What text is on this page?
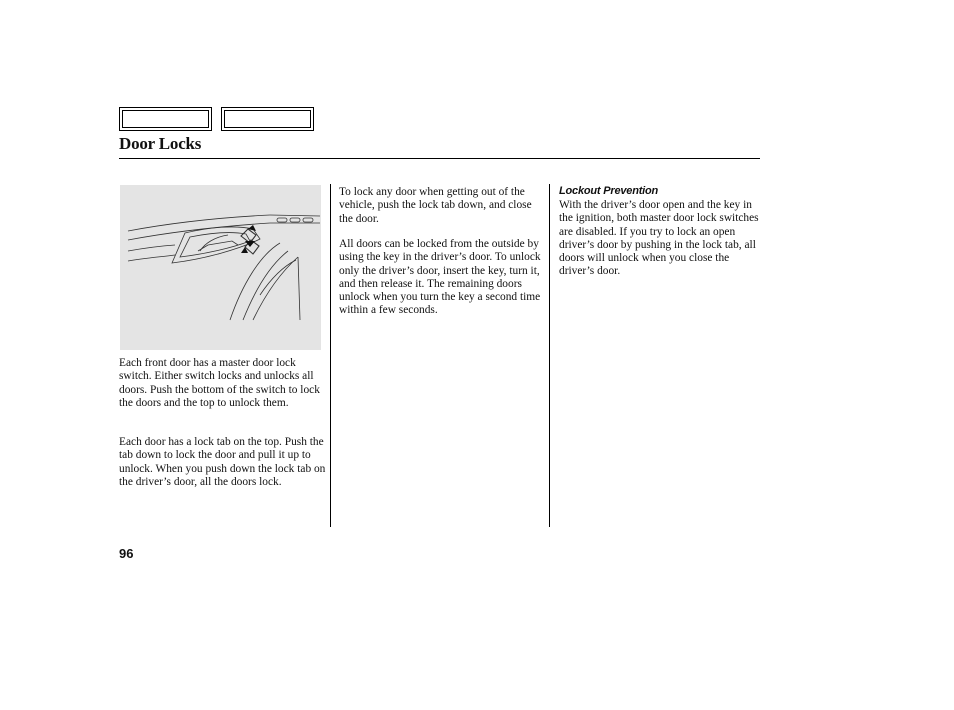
Door Locks

Each front door has a master door lock switch. Either switch locks and unlocks all doors. Push the bottom of the switch to lock the doors and the top to unlock them.

Each door has a lock tab on the top. Push the tab down to lock the door and pull it up to unlock. When you push down the lock tab on the driver’s door, all the doors lock.

To lock any door when getting out of the vehicle, push the lock tab down, and close the door.

All doors can be locked from the outside by using the key in the driver’s door. To unlock only the driver’s door, insert the key, turn it, and then release it. The remaining doors unlock when you turn the key a second time within a few seconds.

Lockout Prevention

With the driver’s door open and the key in the ignition, both master door lock switches are disabled. If you try to lock an open driver’s door by pushing in the lock tab, all doors will unlock when you close the driver’s door.

96
